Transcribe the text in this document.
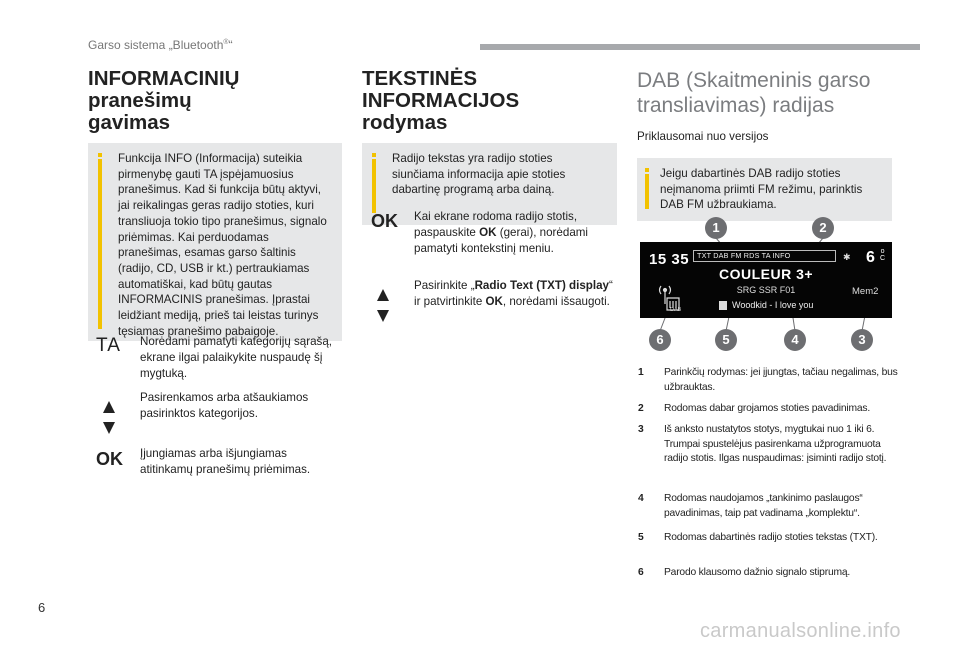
Garso sistema „Bluetooth®“
INFORMACINIŲ pranešimų
gavimas
Funkcija INFO (Informacija) suteikia pirmenybę gauti TA įspėjamuosius pranešimus. Kad ši funkcija būtų aktyvi, jai reikalingas geras radijo stoties, kuri transliuoja tokio tipo pranešimus, signalo priėmimas. Kai perduodamas pranešimas, esamas garso šaltinis (radijo, CD, USB ir kt.) pertraukiamas automatiškai, kad būtų gautas INFORMACINIS pranešimas. Įprastai leidžiant mediją, prieš tai leistas turinys tęsiamas pranešimo pabaigoje.
TA Norėdami pamatyti kategorijų sąrašą, ekrane ilgai palaikykite nuspaudę šį mygtuką.
Pasirenkamos arba atšaukiamos pasirinktos kategorijos.
OK Įjungiamas arba išjungiamas atitinkamų pranešimų priėmimas.
TEKSTINĖS INFORMACIJOS
rodymas
Radijo tekstas yra radijo stoties siunčiama informacija apie stoties dabartinę programą arba dainą.
OK Kai ekrane rodoma radijo stotis, paspauskite OK (gerai), norėdami pamatyti kontekstinį meniu.
Pasirinkite „Radio Text (TXT) display“ ir patvirtinkite OK, norėdami išsaugoti.
DAB (Skaitmeninis garso
transliavimas) radijas
Priklausomai nuo versijos
Jeigu dabartinės DAB radijo stoties neįmanoma priimti FM režimu, parinktis DAB FM užbraukiama.
1	2
6	5	4	3
15 35	TXT DAB FM RDS TA INFO	✱ 6 o
C
COULEUR 3+
SRG SSR F01	Mem2
DAB	Woodkid - I love you
1 Parinkčių rodymas: jei įjungtas, tačiau negalimas, bus užbrauktas.
2 Rodomas dabar grojamos stoties pavadinimas.
3 Iš anksto nustatytos stotys, mygtukai nuo 1 iki 6. Trumpai spustelėjus pasirenkama užprogramuota radijo stotis. Ilgas nuspaudimas: įsiminti radijo stotį.
4 Rodomas naudojamos „tankinimo paslaugos“ pavadinimas, taip pat vadinama „komplektu“.
5 Rodomas dabartinės radijo stoties tekstas (TXT).
6 Parodo klausomo dažnio signalo stiprumą.
6
carmanualsonline.info
